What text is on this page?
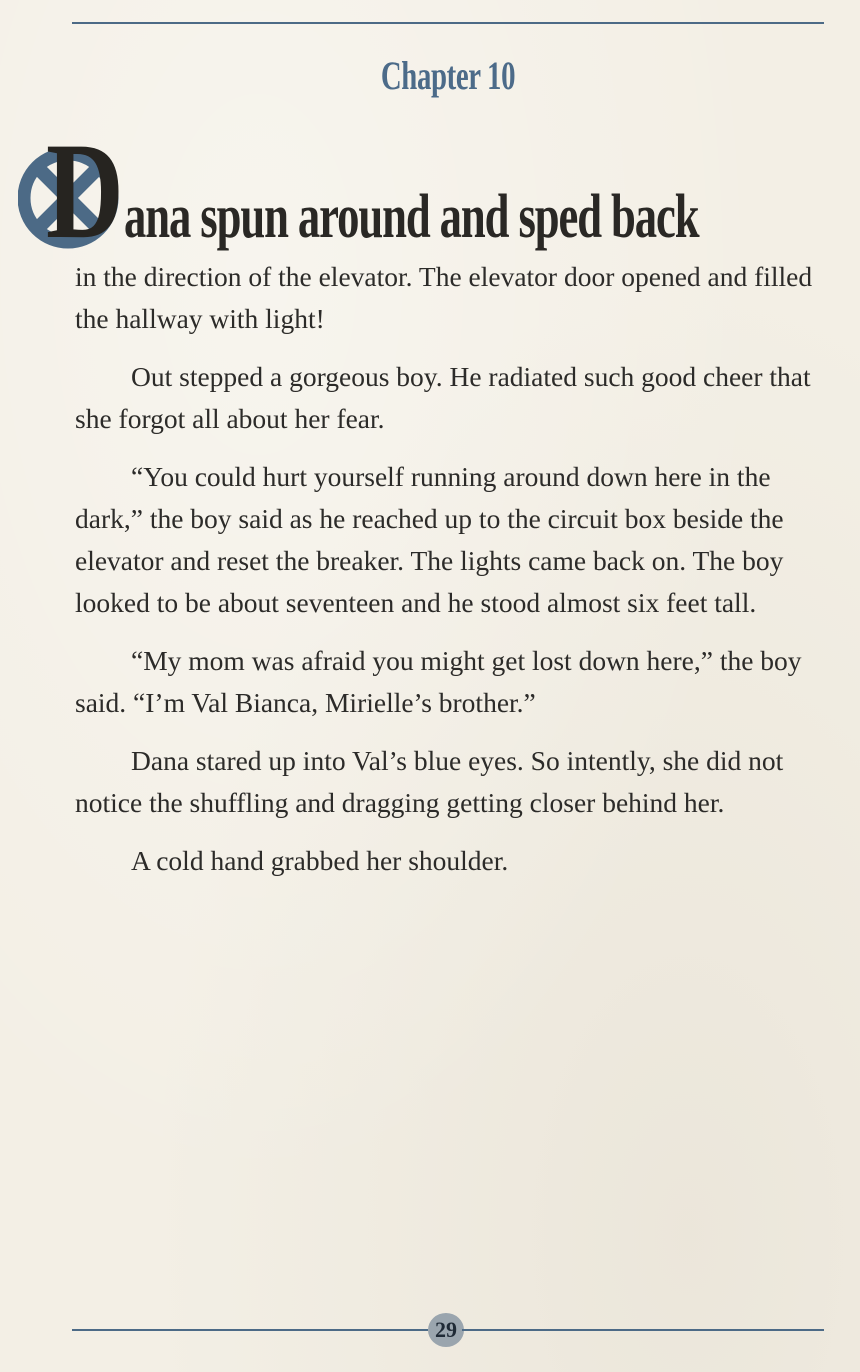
Chapter 10
D ana spun around and sped back

in the direction of the elevator. The elevator door opened and filled the hallway with light!

Out stepped a gorgeous boy. He radiated such good cheer that she forgot all about her fear.

“You could hurt yourself running around down here in the dark,” the boy said as he reached up to the circuit box beside the elevator and reset the breaker. The lights came back on. The boy looked to be about seventeen and he stood almost six feet tall.

“My mom was afraid you might get lost down here,” the boy said. “I’m Val Bianca, Mirielle’s brother.”

Dana stared up into Val’s blue eyes. So intently, she did not notice the shuffling and dragging getting closer behind her.

A cold hand grabbed her shoulder.

29
